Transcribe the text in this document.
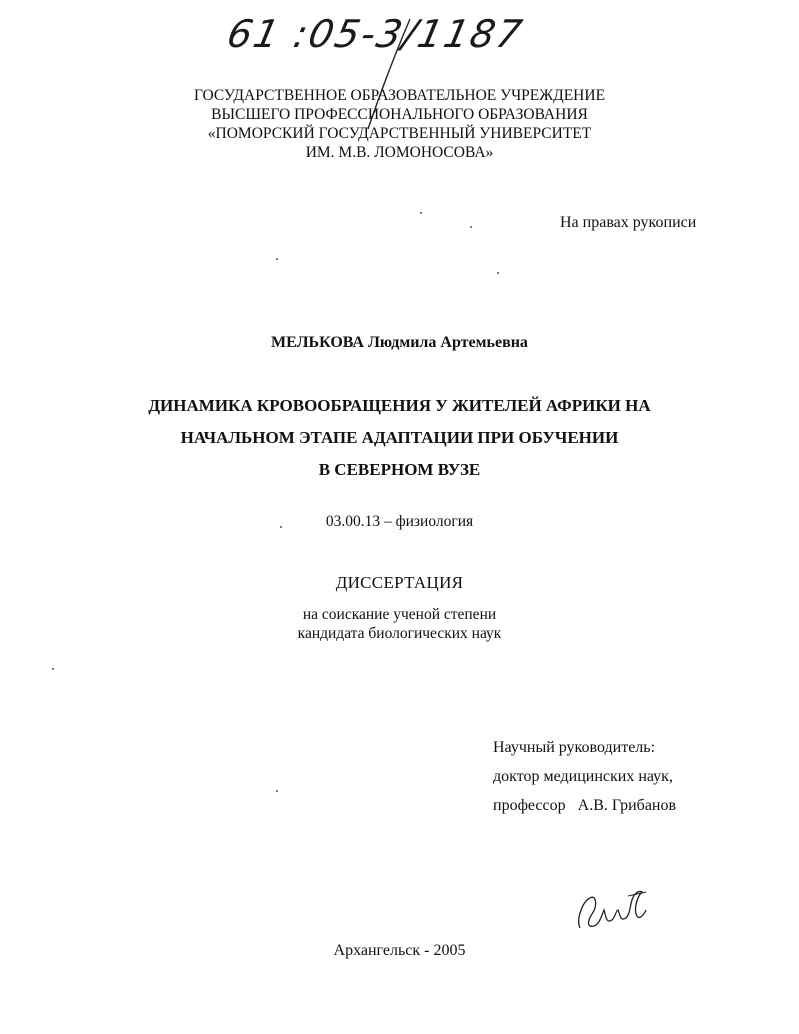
61 :05-3/1187
ГОСУДАРСТВЕННОЕ ОБРАЗОВАТЕЛЬНОЕ УЧРЕЖДЕНИЕ
ВЫСШЕГО ПРОФЕССИОНАЛЬНОГО ОБРАЗОВАНИЯ
«ПОМОРСКИЙ ГОСУДАРСТВЕННЫЙ УНИВЕРСИТЕТ
ИМ. М.В. ЛОМОНОСОВА»
На правах рукописи
МЕЛЬКОВА Людмила Артемьевна
ДИНАМИКА КРОВООБРАЩЕНИЯ У ЖИТЕЛЕЙ АФРИКИ НА
НАЧАЛЬНОМ ЭТАПЕ АДАПТАЦИИ ПРИ ОБУЧЕНИИ
В СЕВЕРНОМ ВУЗЕ
03.00.13 – физиология
ДИССЕРТАЦИЯ
на соискание ученой степени
кандидата биологических наук
Научный руководитель:
доктор медицинских наук,
профессор А.В. Грибанов
Архангельск - 2005
